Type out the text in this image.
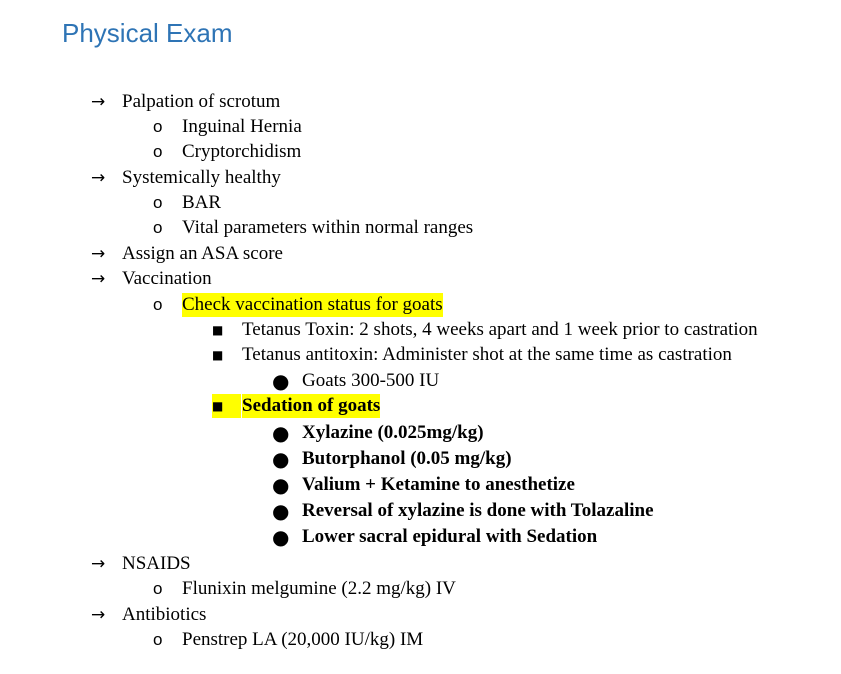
Physical Exam
→ Palpation of scrotum
o Inguinal Hernia
o Cryptorchidism
→ Systemically healthy
o BAR
o Vital parameters within normal ranges
→ Assign an ASA score
→ Vaccination
o Check vaccination status for goats
■ Tetanus Toxin: 2 shots, 4 weeks apart and 1 week prior to castration
■ Tetanus antitoxin: Administer shot at the same time as castration
● Goats 300-500 IU
■ Sedation of goats
● Xylazine (0.025mg/kg)
● Butorphanol (0.05 mg/kg)
● Valium + Ketamine to anesthetize
● Reversal of xylazine is done with Tolazaline
● Lower sacral epidural with Sedation
→ NSAIDS
o Flunixin melgumine (2.2 mg/kg) IV
→ Antibiotics
o Penstrep LA (20,000 IU/kg) IM
